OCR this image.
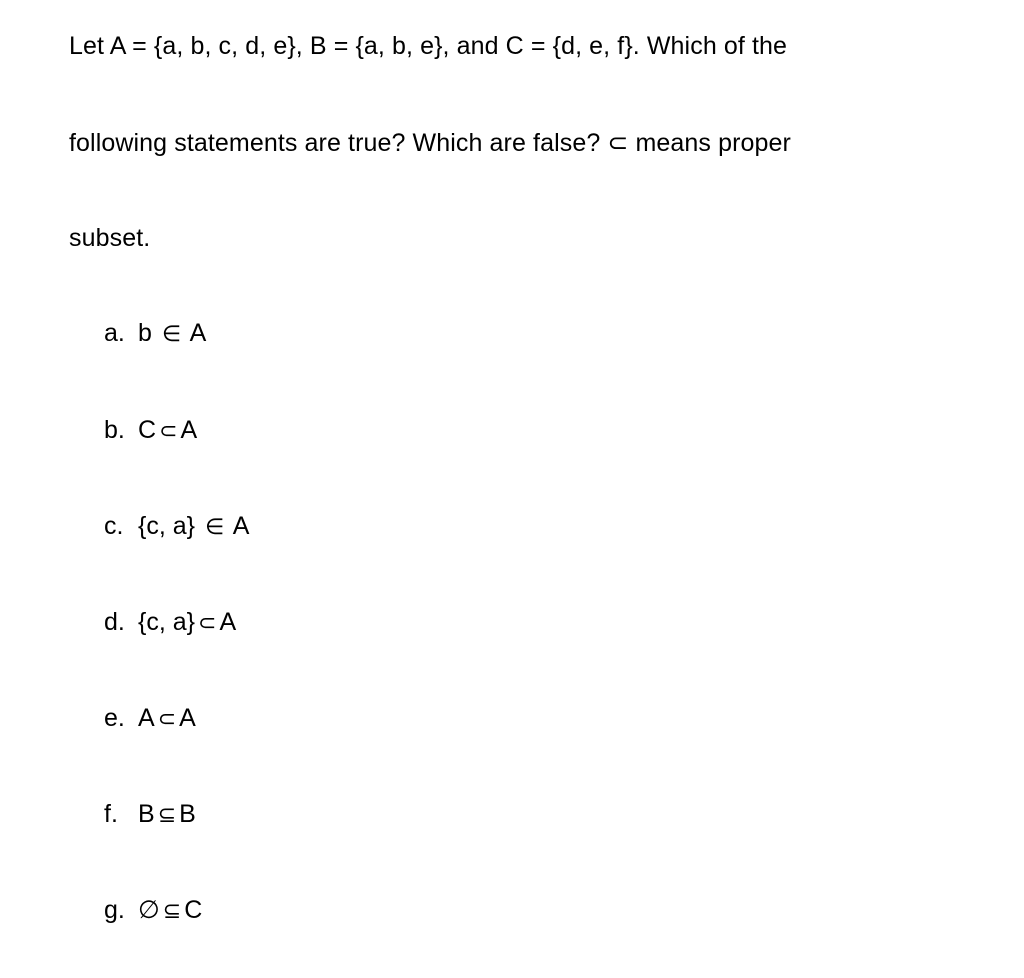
Let A = {a, b, c, d, e}, B = {a, b, e}, and C = {d, e, f}. Which of the
following statements are true? Which are false? ⊂ means proper
subset.
a. b ∈ A
b. C ⊂ A
c. {c, a} ∈ A
d. {c, a} ⊂ A
e. A ⊂ A
f. B ⊆ B
g. ∅ ⊆ C
